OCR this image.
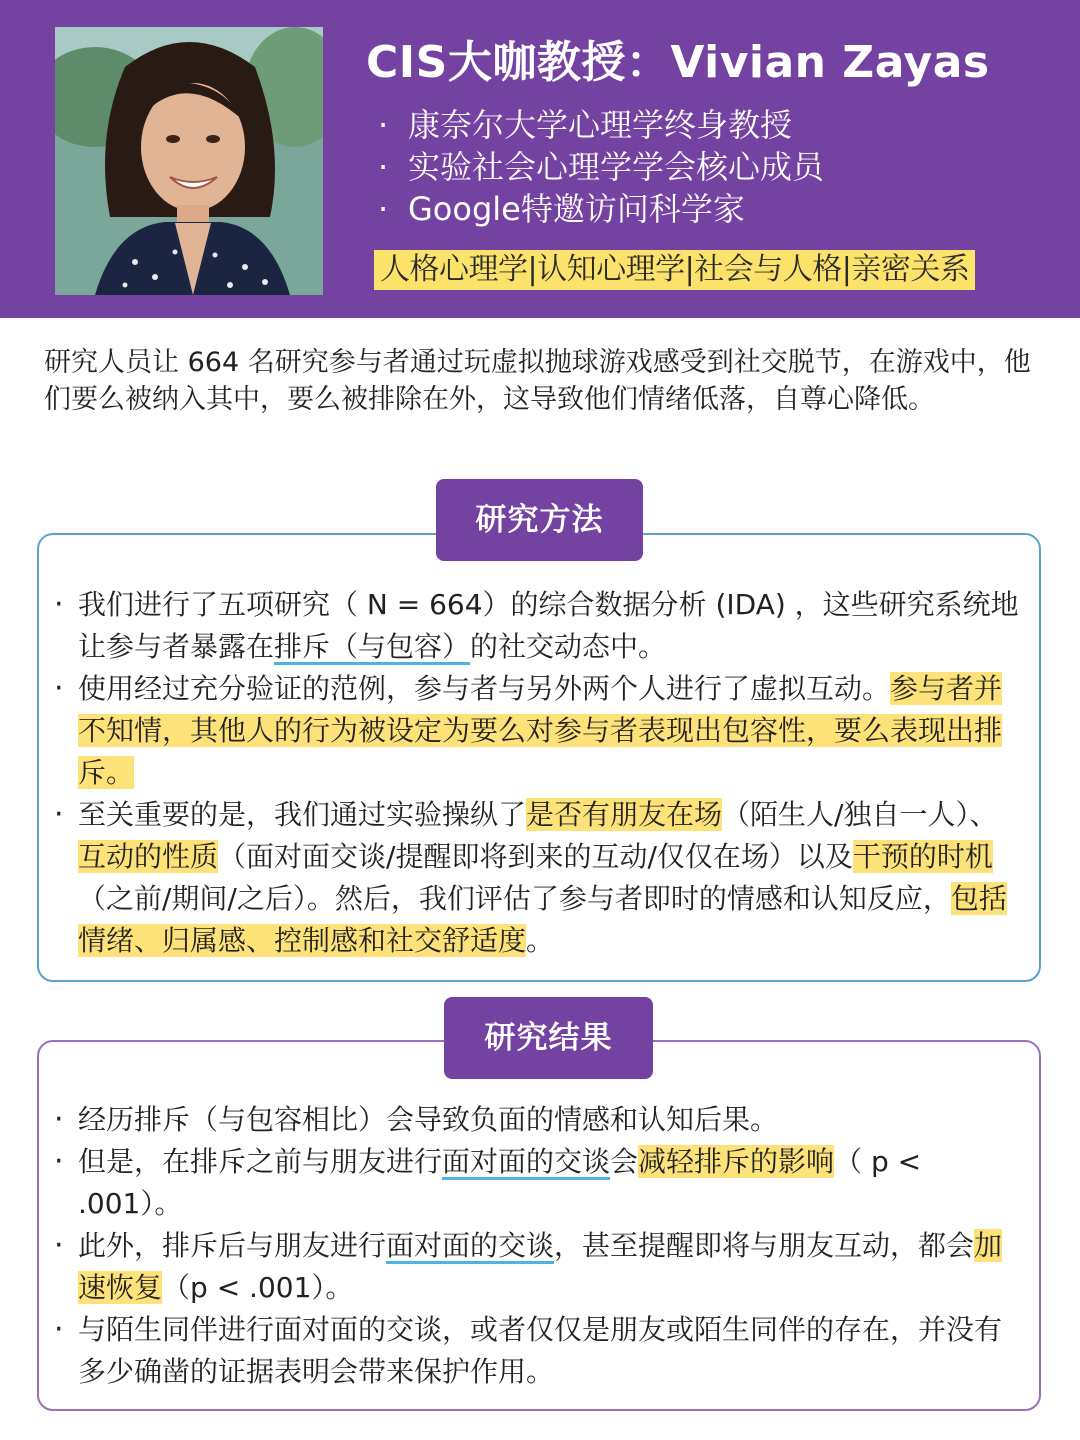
CIS大咖教授：Vivian Zayas
· 康奈尔大学心理学终身教授
· 实验社会心理学学会核心成员
· Google特邀访问科学家
人格心理学|认知心理学|社会与人格|亲密关系
研究人员让 664 名研究参与者通过玩虚拟抛球游戏感受到社交脱节，在游戏中，他们要么被纳入其中，要么被排除在外，这导致他们情绪低落，自尊心降低。
研究方法
· 我们进行了五项研究（ N = 664）的综合数据分析 (IDA) ，这些研究系统地让参与者暴露在排斥（与包容）的社交动态中。
· 使用经过充分验证的范例，参与者与另外两个人进行了虚拟互动。参与者并不知情，其他人的行为被设定为要么对参与者表现出包容性，要么表现出排斥。
· 至关重要的是，我们通过实验操纵了是否有朋友在场（陌生人/独自一人）、互动的性质（面对面交谈/提醒即将到来的互动/仅仅在场）以及干预的时机（之前/期间/之后）。然后，我们评估了参与者即时的情感和认知反应，包括情绪、归属感、控制感和社交舒适度。
研究结果
· 经历排斥（与包容相比）会导致负面的情感和认知后果。
· 但是，在排斥之前与朋友进行面对面的交谈会减轻排斥的影响（ p < .001）。
· 此外，排斥后与朋友进行面对面的交谈，甚至提醒即将与朋友互动，都会加速恢复（p < .001）。
· 与陌生同伴进行面对面的交谈，或者仅仅是朋友或陌生同伴的存在，并没有多少确凿的证据表明会带来保护作用。
